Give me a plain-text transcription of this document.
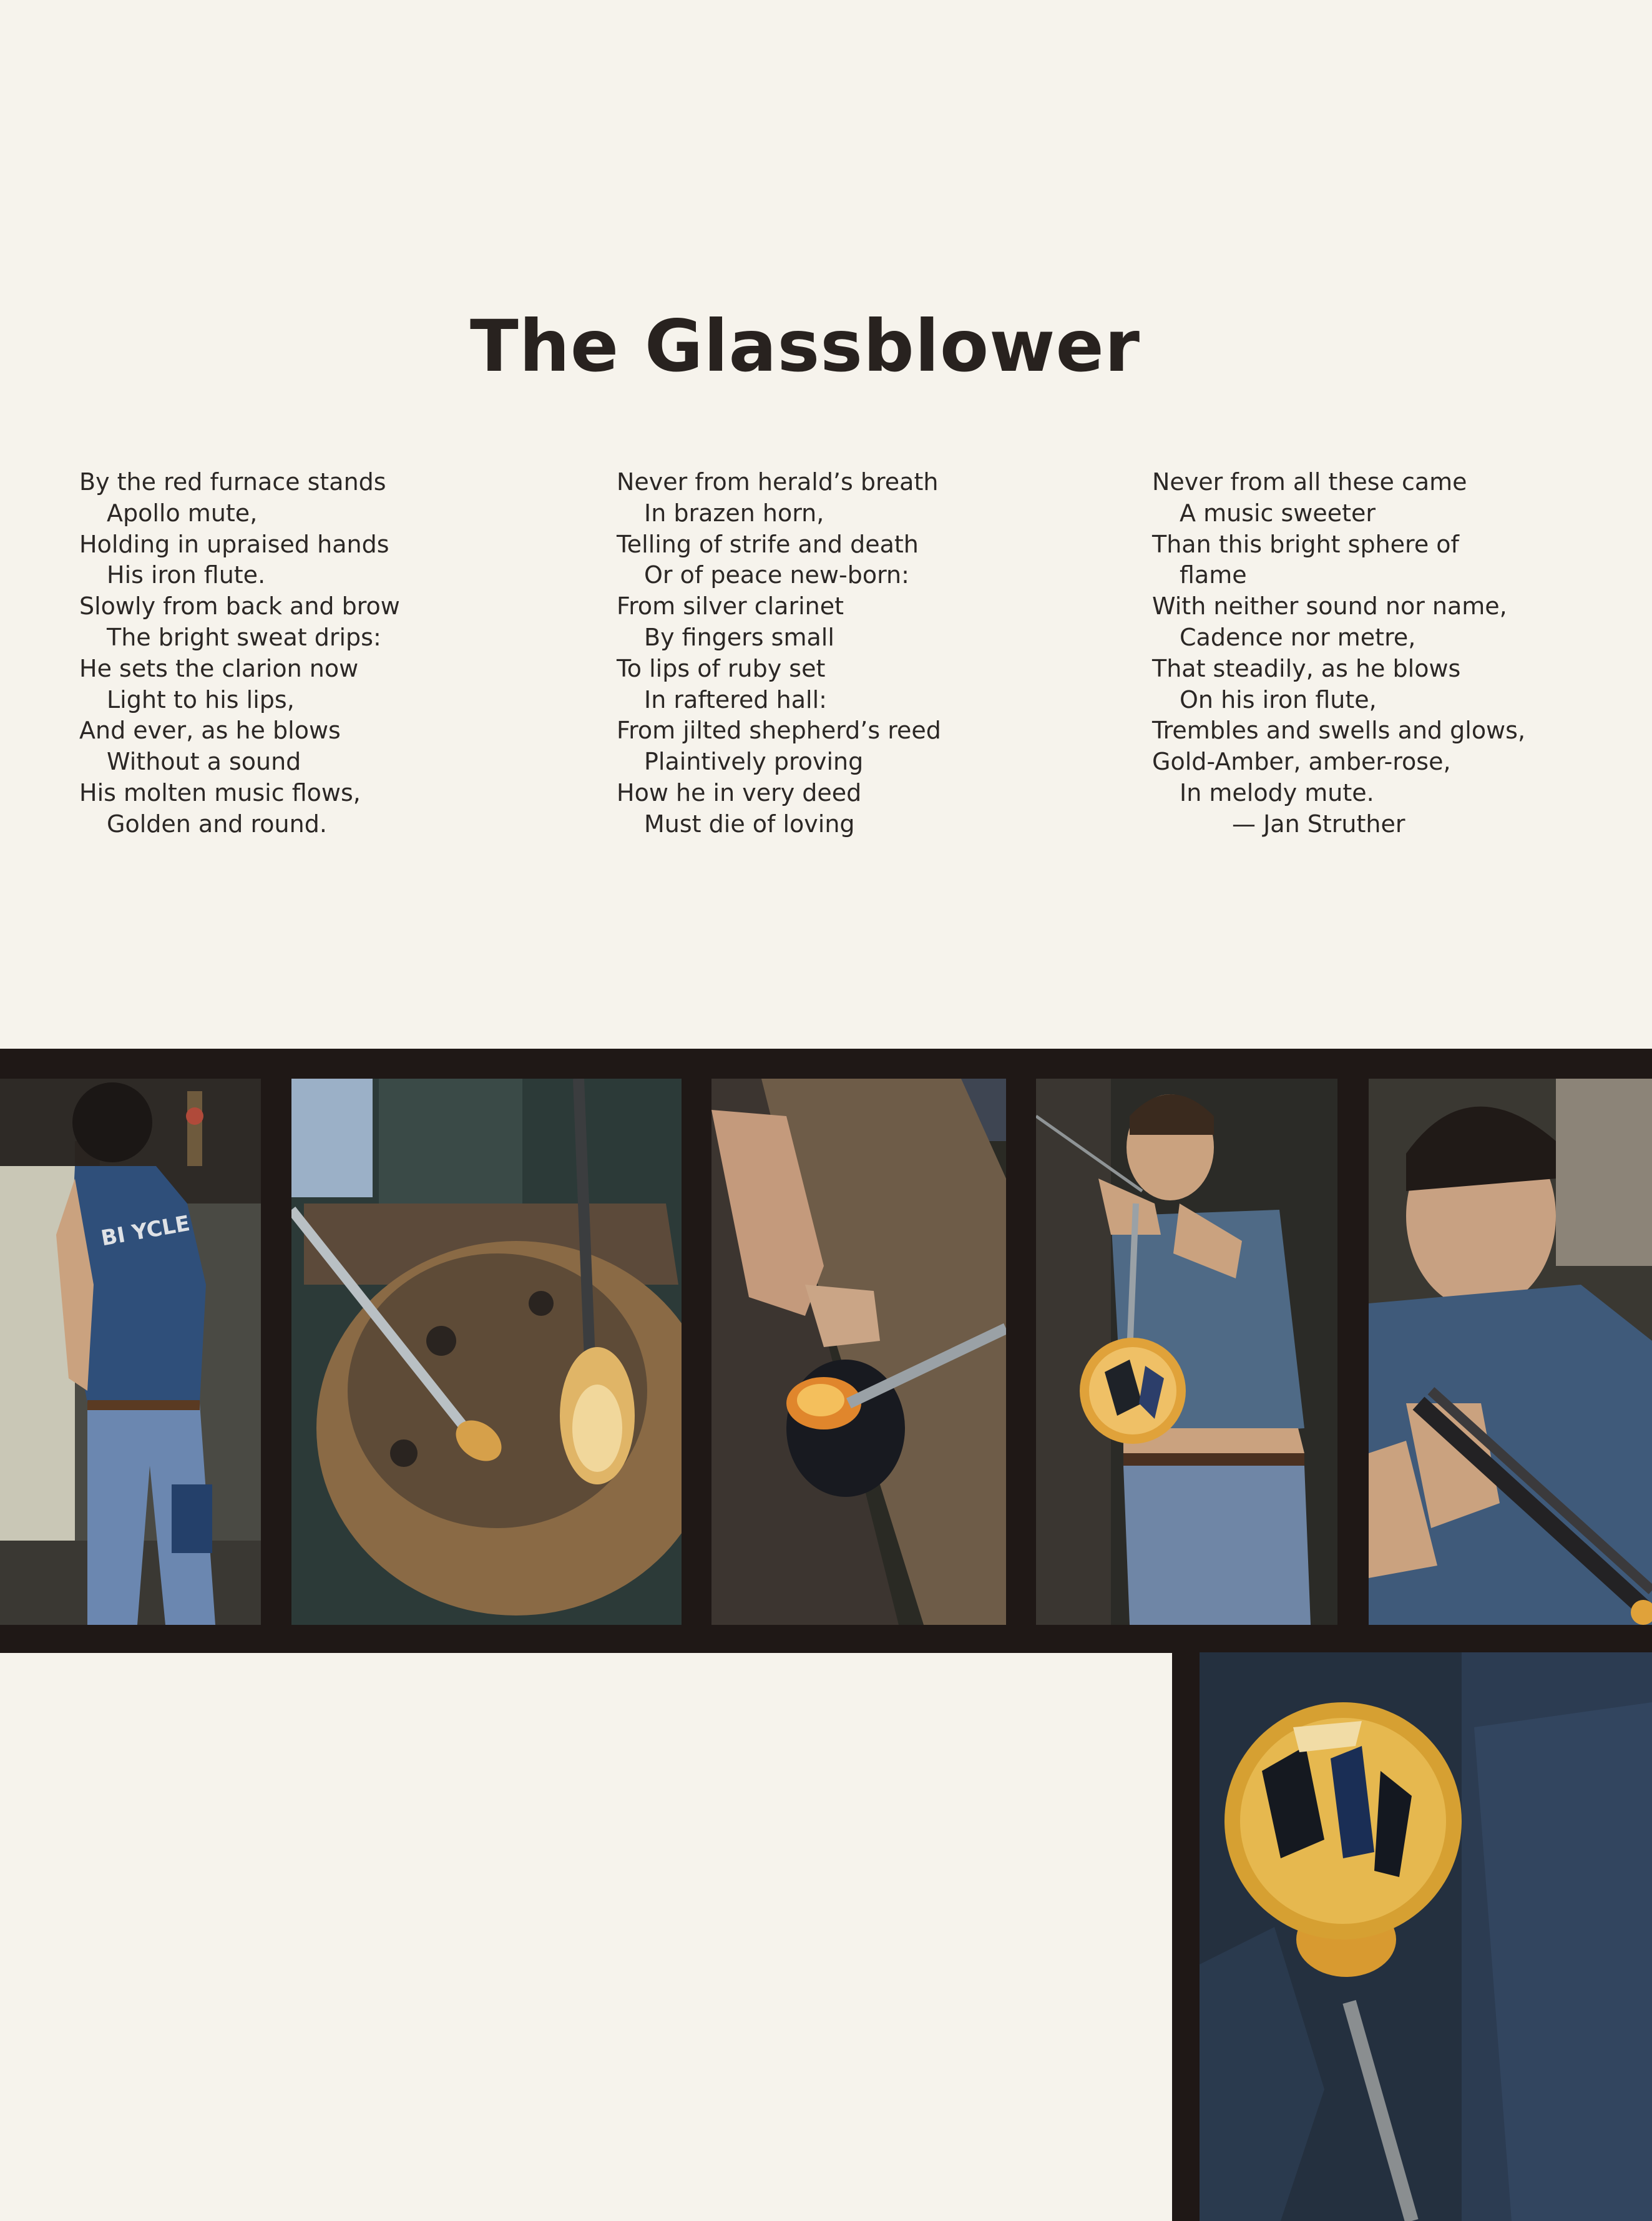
The Glassblower
By the red furnace stands
Apollo mute,
Holding in upraised hands
His iron flute.
Slowly from back and brow
The bright sweat drips:
He sets the clarion now
Light to his lips,
And ever, as he blows
Without a sound
His molten music flows,
Golden and round.
Never from herald’s breath
In brazen horn,
Telling of strife and death
Or of peace new-born:
From silver clarinet
By fingers small
To lips of ruby set
In raftered hall:
From jilted shepherd’s reed
Plaintively proving
How he in very deed
Must die of loving
Never from all these came
A music sweeter
Than this bright sphere of
flame
With neither sound nor name,
Cadence nor metre,
That steadily, as he blows
On his iron flute,
Trembles and swells and glows,
Gold-Amber, amber-rose,
In melody mute.
— Jan Struther
BI YCLE
